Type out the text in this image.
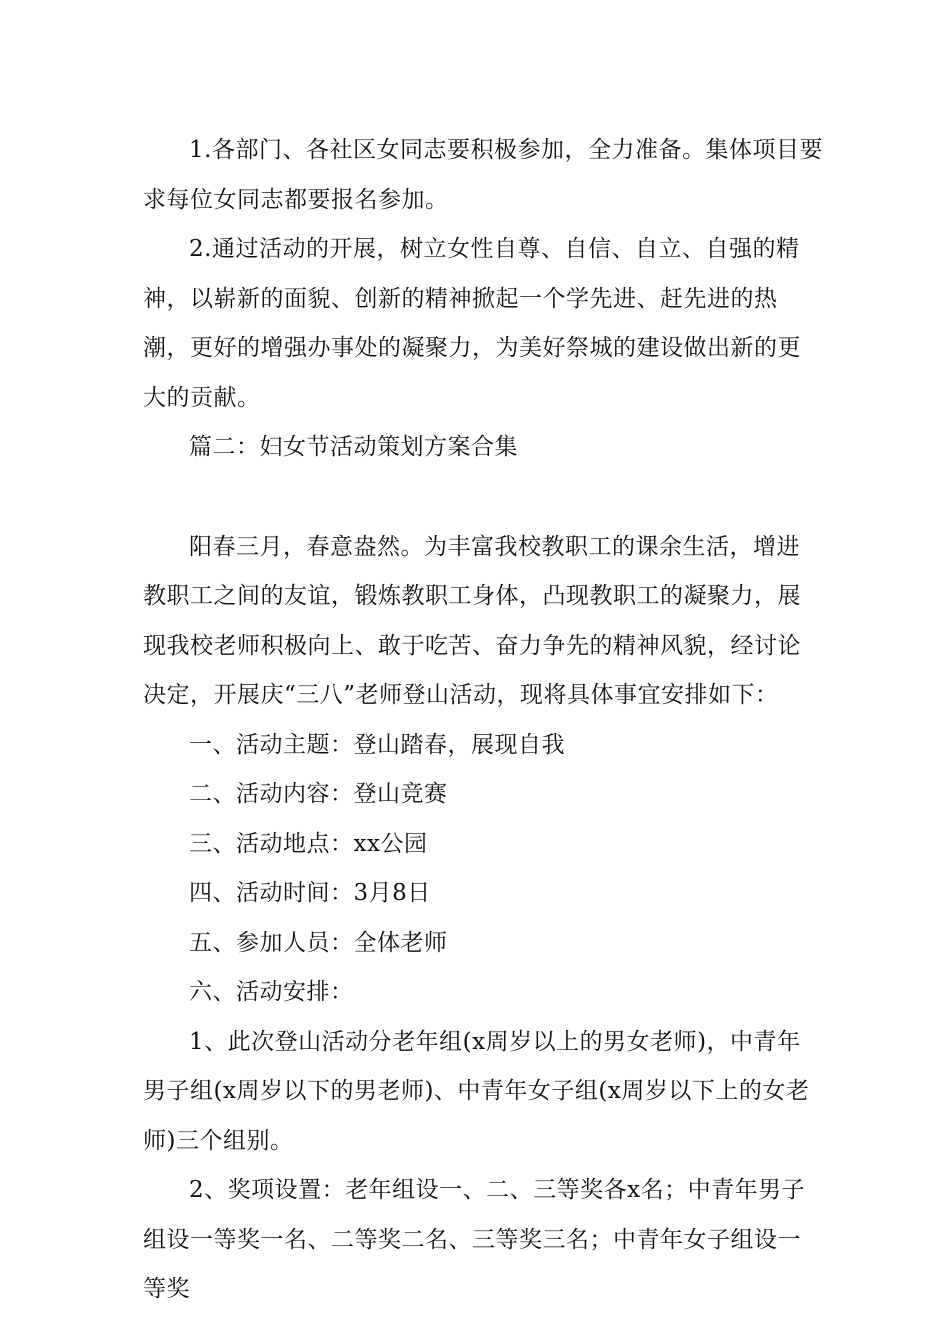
1.各部门、各社区女同志要积极参加，全力准备。集体项目要求每位女同志都要报名参加。

2.通过活动的开展，树立女性自尊、自信、自立、自强的精神，以崭新的面貌、创新的精神掀起一个学先进、赶先进的热潮，更好的增强办事处的凝聚力，为美好祭城的建设做出新的更大的贡献。

篇二：妇女节活动策划方案合集

阳春三月，春意盎然。为丰富我校教职工的课余生活，增进教职工之间的友谊，锻炼教职工身体，凸现教职工的凝聚力，展现我校老师积极向上、敢于吃苦、奋力争先的精神风貌，经讨论决定，开展庆“三八”老师登山活动，现将具体事宜安排如下：

一、活动主题：登山踏春，展现自我

二、活动内容：登山竞赛

三、活动地点：xx公园

四、活动时间：3月8日

五、参加人员：全体老师

六、活动安排：

1、此次登山活动分老年组(x周岁以上的男女老师)，中青年男子组(x周岁以下的男老师)、中青年女子组(x周岁以下上的女老师)三个组别。

2、奖项设置：老年组设一、二、三等奖各x名；中青年男子组设一等奖一名、二等奖二名、三等奖三名；中青年女子组设一等奖
